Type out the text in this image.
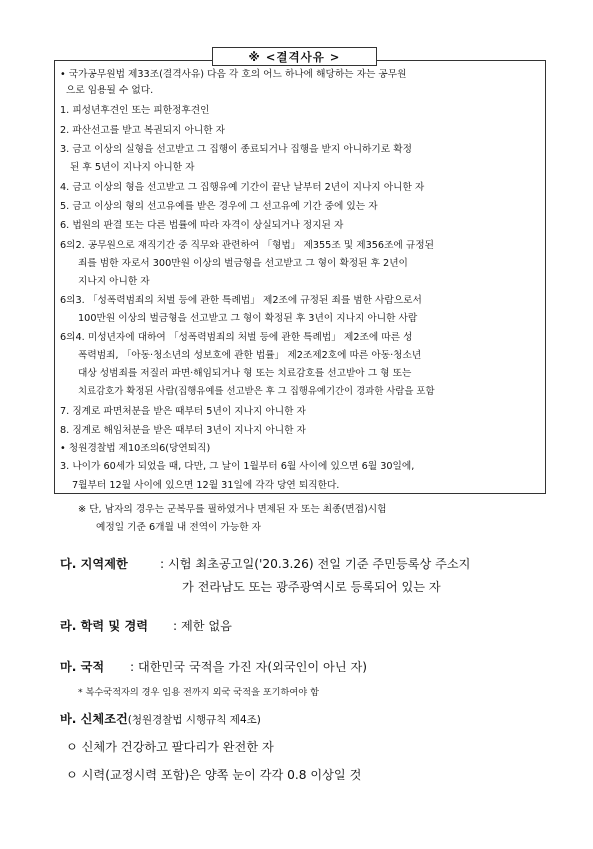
※ <결격사유 >
• 국가공무원법 제33조(결격사유) 다음 각 호의 어느 하나에 해당하는 자는 공무원
으로 임용될 수 없다.
1. 피성년후견인 또는 피한정후견인
2. 파산선고를 받고 복권되지 아니한 자
3. 금고 이상의 실형을 선고받고 그 집행이 종료되거나 집행을 받지 아니하기로 확정
된 후 5년이 지나지 아니한 자
4. 금고 이상의 형을 선고받고 그 집행유예 기간이 끝난 날부터 2년이 지나지 아니한 자
5. 금고 이상의 형의 선고유예를 받은 경우에 그 선고유예 기간 중에 있는 자
6. 법원의 판결 또는 다른 법률에 따라 자격이 상실되거나 정지된 자
6의2. 공무원으로 재직기간 중 직무와 관련하여 「형법」 제355조 및 제356조에 규정된
죄를 범한 자로서 300만원 이상의 벌금형을 선고받고 그 형이 확정된 후 2년이
지나지 아니한 자
6의3. 「성폭력범죄의 처벌 등에 관한 특례법」 제2조에 규정된 죄를 범한 사람으로서
100만원 이상의 벌금형을 선고받고 그 형이 확정된 후 3년이 지나지 아니한 사람
6의4. 미성년자에 대하여 「성폭력범죄의 처벌 등에 관한 특례법」 제2조에 따른 성
폭력범죄, 「아동·청소년의 성보호에 관한 법률」 제2조제2호에 따른 아동·청소년
대상 성범죄를 저질러 파면·해임되거나 형 또는 치료감호를 선고받아 그 형 또는
치료감호가 확정된 사람(집행유예를 선고받은 후 그 집행유예기간이 경과한 사람을 포함
7. 징계로 파면처분을 받은 때부터 5년이 지나지 아니한 자
8. 징계로 해임처분을 받은 때부터 3년이 지나지 아니한 자
• 청원경찰법 제10조의6(당연퇴직)
3. 나이가 60세가 되었을 때, 다만, 그 날이 1월부터 6월 사이에 있으면 6월 30일에,
7월부터 12월 사이에 있으면 12월 31일에 각각 당연 퇴직한다.
※ 단, 남자의 경우는 군복무를 필하였거나 면제된 자 또는 최종(면접)시험
예정일 기준 6개월 내 전역이 가능한 자
다. 지역제한	: 시험 최초공고일('20.3.26) 전일 기준 주민등록상 주소지
가 전라남도 또는 광주광역시로 등록되어 있는 자
라. 학력 및 경력 : 제한 없음
마. 국적 : 대한민국 국적을 가진 자(외국인이 아닌 자)
* 복수국적자의 경우 임용 전까지 외국 국적을 포기하여야 함
바. 신체조건(청원경찰법 시행규칙 제4조)
ㅇ 신체가 건강하고 팔다리가 완전한 자
ㅇ 시력(교정시력 포함)은 양쪽 눈이 각각 0.8 이상일 것
